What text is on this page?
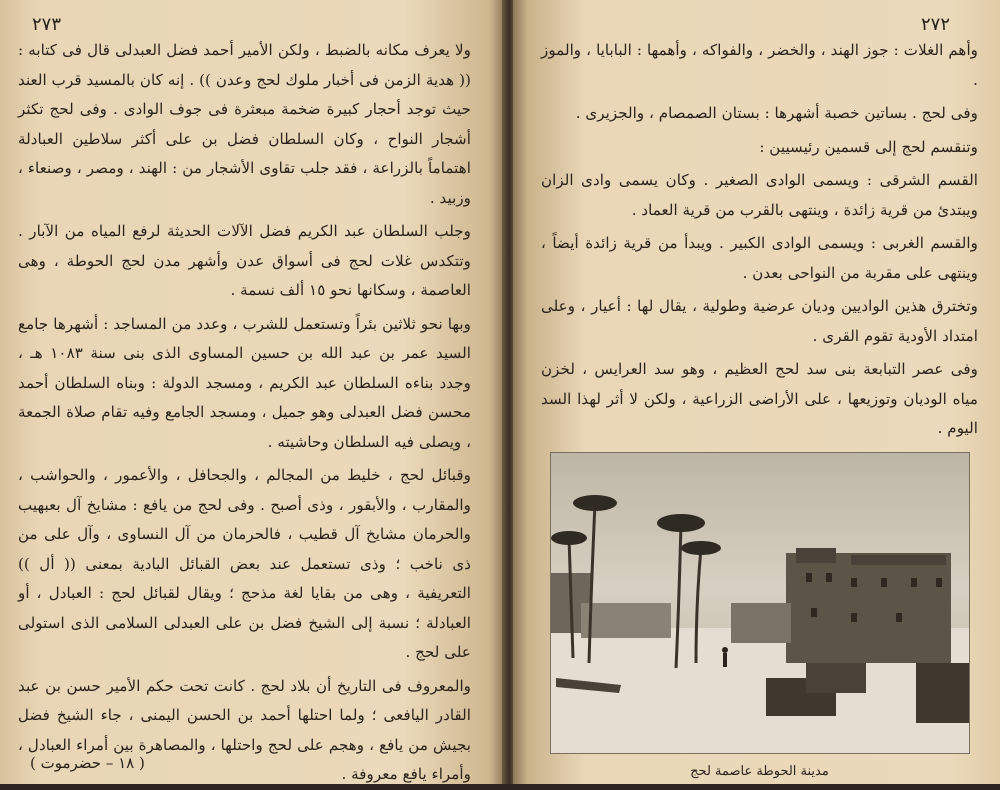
٢٧٣

ولا يعرف مكانه بالضبط ، ولكن الأمير أحمد فضل العبدلى قال فى كتابه : (( هدية الزمن فى أخبار ملوك لحج وعدن )) . إنه كان بالمسيد قرب العند حيث توجد أحجار كبيرة ضخمة مبعثرة فى جوف الوادى . وفى لحج تكثر أشجار النواح ، وكان السلطان فضل بن على أكثر سلاطين العبادلة اهتماماً بالزراعة ، فقد جلب تقاوى الأشجار من : الهند ، ومصر ، وصنعاء ، وزبيد .

وجلب السلطان عبد الكريم فضل الآلات الحديثة لرفع المياه من الآبار . وتتكدس غلات لحج فى أسواق عدن وأشهر مدن لحج الحوطة ، وهى العاصمة ، وسكانها نحو ١٥ ألف نسمة .

وبها نحو ثلاثين بئراً وتستعمل للشرب ، وعدد من المساجد : أشهرها جامع السيد عمر بن عبد الله بن حسين المساوى الذى بنى سنة ١٠٨٣ هـ ، وجدد بناءه السلطان عبد الكريم ، ومسجد الدولة : وبناه السلطان أحمد محسن فضل العبدلى وهو جميل ، ومسجد الجامع وفيه تقام صلاة الجمعة ، ويصلى فيه السلطان وحاشيته .

وقبائل لحج ، خليط من المجالم ، والجحافل ، والأعمور ، والحواشب ، والمقارب ، والأبقور ، وذى أصبح . وفى لحج من يافع : مشايخ آل بعبهيب والحرمان مشايخ آل قطيب ، فالحرمان من آل النساوى ، وآل على من ذى ناخب ؛ وذى تستعمل عند بعض القبائل البادية بمعنى (( أل )) التعريفية ، وهى من بقايا لغة مذحج ؛ ويقال لقبائل لحج : العبادل ، أو العبادلة ؛ نسبة إلى الشيخ فضل بن على العبدلى السلامى الذى استولى على لحج .

والمعروف فى التاريخ أن بلاد لحج . كانت تحت حكم الأمير حسن بن عبد القادر اليافعى ؛ ولما احتلها أحمد بن الحسن اليمنى ، جاء الشيخ فضل بجيش من يافع ، وهجم على لحج واحتلها ، والمصاهرة بين أمراء العبادل ، وأمراء يافع معروفة .

( ١٨ – حضرموت )
٢٧٢

وأهم الغلات : جوز الهند ، والخضر ، والفواكه ، وأهمها : البابايا ، والموز .

وفى لحج . بساتين خصبة أشهرها : بستان الصمصام ، والجزيرى .

وتنقسم لحج إلى قسمين رئيسيين :

القسم الشرقى : ويسمى الوادى الصغير . وكان يسمى وادى الزان ويبتدئ من قرية زائدة ، وينتهى بالقرب من قرية العماد .

والقسم الغربى : ويسمى الوادى الكبير . ويبدأ من قرية زائدة أيضاً ، وينتهى على مقربة من النواحى بعدن .

وتخترق هذين الواديين وديان عرضية وطولية ، يقال لها : أعيار ، وعلى امتداد الأودية تقوم القرى .

وفى عصر التبابعة بنى سد لحج العظيم ، وهو سد العرايس ، لخزن مياه الوديان وتوزيعها ، على الأراضى الزراعية ، ولكن لا أثر لهذا السد اليوم .

مدينة الحوطة عاصمة لحج
